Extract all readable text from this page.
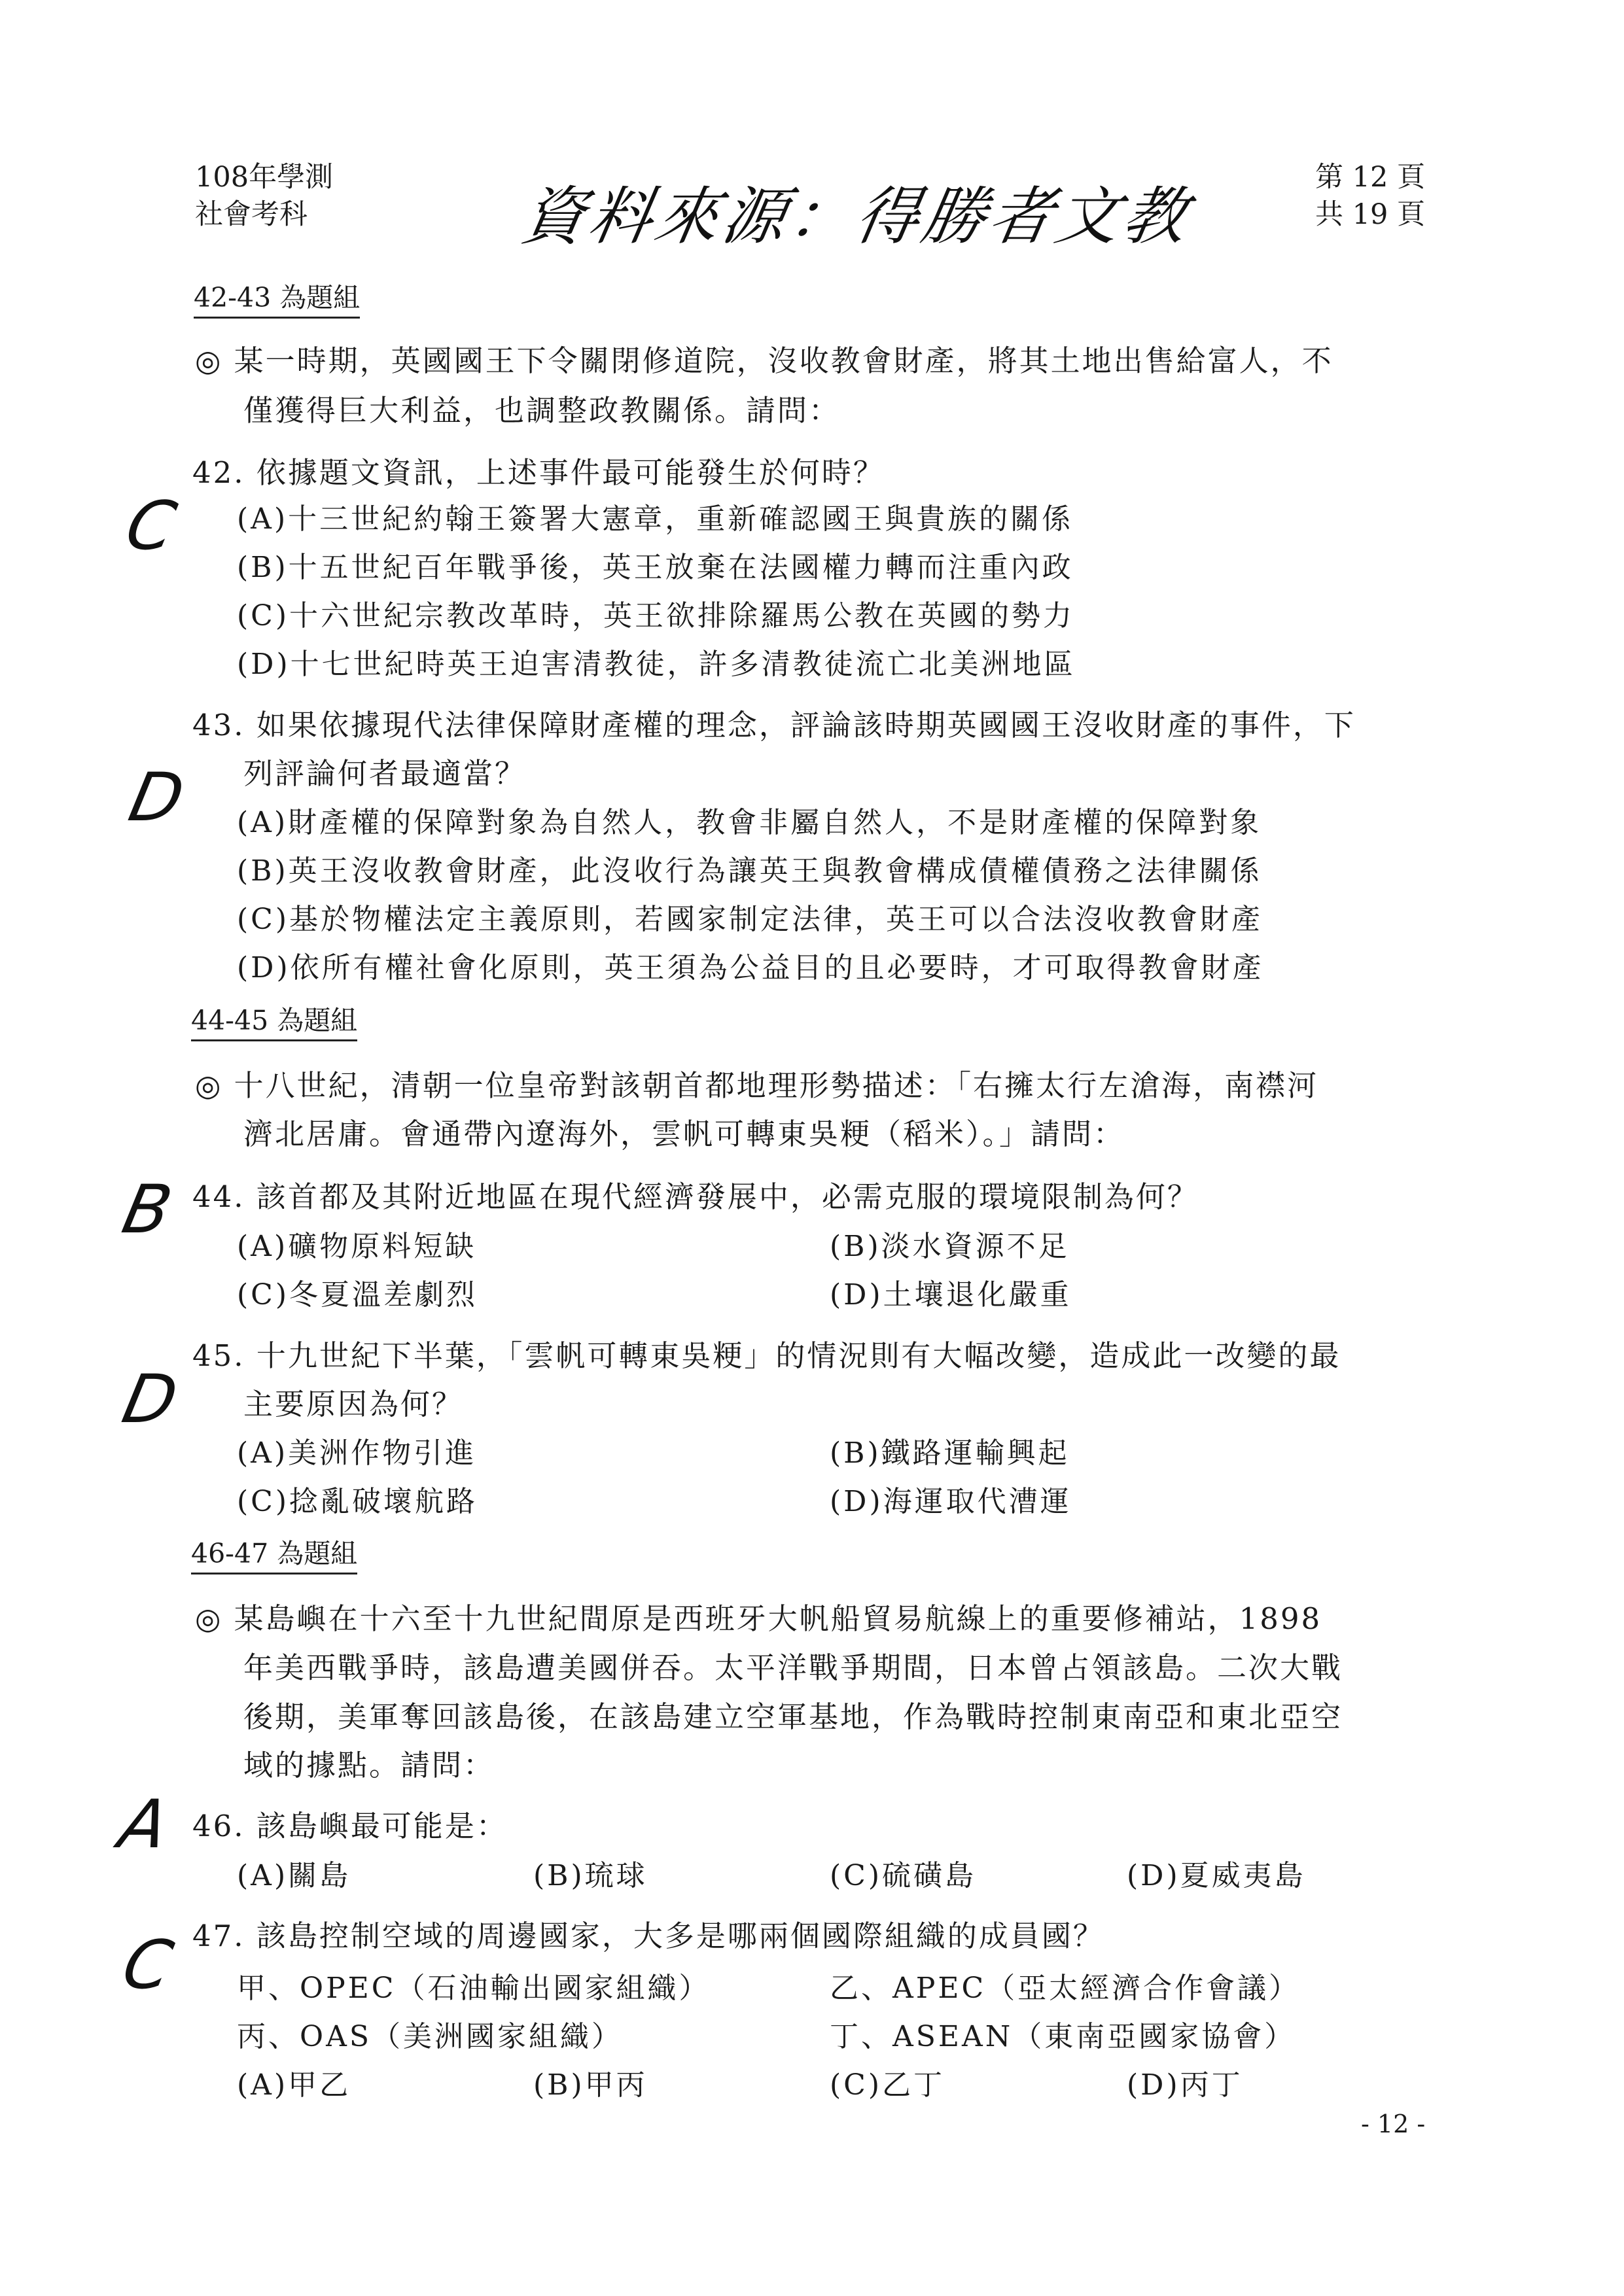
108年學測
社會考科	資料來源：得勝者文教
第 12 頁
共 19 頁
42-43 為題組
◎ 某一時期，英國國王下令關閉修道院，沒收教會財產，將其土地出售給富人，不
僅獲得巨大利益，也調整政教關係。請問：
42. 依據題文資訊，上述事件最可能發生於何時？
C (A)十三世紀約翰王簽署大憲章，重新確認國王與貴族的關係
(B)十五世紀百年戰爭後，英王放棄在法國權力轉而注重內政
(C)十六世紀宗教改革時，英王欲排除羅馬公教在英國的勢力
(D)十七世紀時英王迫害清教徒，許多清教徒流亡北美洲地區
43. 如果依據現代法律保障財產權的理念，評論該時期英國國王沒收財產的事件，下
列評論何者最適當？
D (A)財產權的保障對象為自然人，教會非屬自然人，不是財產權的保障對象
(B)英王沒收教會財產，此沒收行為讓英王與教會構成債權債務之法律關係
(C)基於物權法定主義原則，若國家制定法律，英王可以合法沒收教會財產
(D)依所有權社會化原則，英王須為公益目的且必要時，才可取得教會財產
44-45 為題組
◎ 十八世紀，清朝一位皇帝對該朝首都地理形勢描述：「右擁太行左滄海，南襟河
濟北居庸。會通帶內遼海外，雲帆可轉東吳粳（稻米）。」請問：
44. 該首都及其附近地區在現代經濟發展中，必需克服的環境限制為何？
B (A)礦物原料短缺	(B)淡水資源不足
(C)冬夏溫差劇烈	(D)土壤退化嚴重
45. 十九世紀下半葉，「雲帆可轉東吳粳」的情況則有大幅改變，造成此一改變的最
主要原因為何？
D
(A)美洲作物引進	(B)鐵路運輸興起
(C)捻亂破壞航路	(D)海運取代漕運
46-47 為題組
◎ 某島嶼在十六至十九世紀間原是西班牙大帆船貿易航線上的重要修補站，1898
年美西戰爭時，該島遭美國併吞。太平洋戰爭期間，日本曾占領該島。二次大戰
後期，美軍奪回該島後，在該島建立空軍基地，作為戰時控制東南亞和東北亞空
域的據點。請問：
46. 該島嶼最可能是：
A
(A)關島	(B)琉球	(C)硫磺島	(D)夏威夷島
47. 該島控制空域的周邊國家，大多是哪兩個國際組織的成員國？
C 甲、OPEC（石油輸出國家組織）	乙、APEC（亞太經濟合作會議）
丙、OAS（美洲國家組織）	丁、ASEAN（東南亞國家協會）
(A)甲乙	(B)甲丙	(C)乙丁	(D)丙丁
- 12 -
